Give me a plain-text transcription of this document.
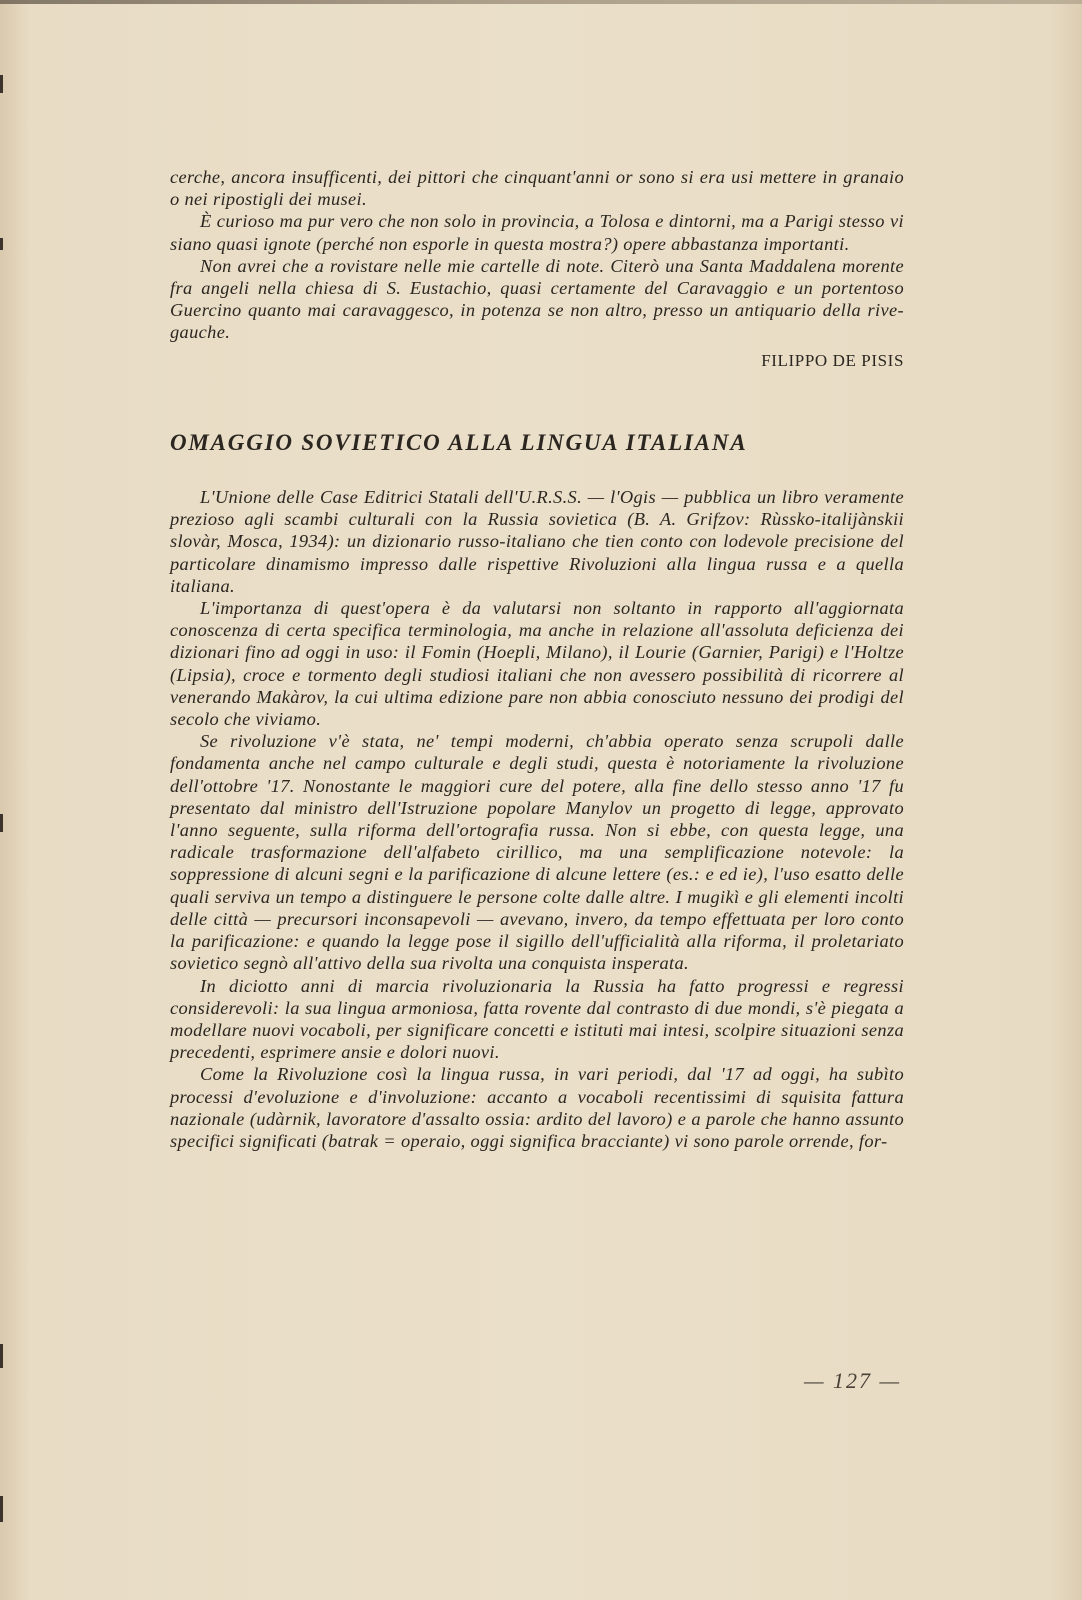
cerche, ancora insufficenti, dei pittori che cinquant'anni or sono si era usi mettere in granaio o nei ripostigli dei musei.

È curioso ma pur vero che non solo in provincia, a Tolosa e dintorni, ma a Parigi stesso vi siano quasi ignote (perché non esporle in questa mostra?) opere abbastanza importanti.

Non avrei che a rovistare nelle mie cartelle di note. Citerò una Santa Maddalena morente fra angeli nella chiesa di S. Eustachio, quasi certamente del Caravaggio e un portentoso Guercino quanto mai caravaggesco, in potenza se non altro, presso un antiquario della rive-gauche.

FILIPPO DE PISIS

OMAGGIO SOVIETICO ALLA LINGUA ITALIANA

L'Unione delle Case Editrici Statali dell'U.R.S.S. — l'Ogis — pubblica un libro veramente prezioso agli scambi culturali con la Russia sovietica (B. A. Grifzov: Rùssko-italijànskii slovàr, Mosca, 1934): un dizionario russo-italiano che tien conto con lodevole precisione del particolare dinamismo impresso dalle rispettive Rivoluzioni alla lingua russa e a quella italiana.

L'importanza di quest'opera è da valutarsi non soltanto in rapporto all'aggiornata conoscenza di certa specifica terminologia, ma anche in relazione all'assoluta deficienza dei dizionari fino ad oggi in uso: il Fomin (Hoepli, Milano), il Lourie (Garnier, Parigi) e l'Holtze (Lipsia), croce e tormento degli studiosi italiani che non avessero possibilità di ricorrere al venerando Makàrov, la cui ultima edizione pare non abbia conosciuto nessuno dei prodigi del secolo che viviamo.

Se rivoluzione v'è stata, ne' tempi moderni, ch'abbia operato senza scrupoli dalle fondamenta anche nel campo culturale e degli studi, questa è notoriamente la rivoluzione dell'ottobre '17. Nonostante le maggiori cure del potere, alla fine dello stesso anno '17 fu presentato dal ministro dell'Istruzione popolare Manylov un progetto di legge, approvato l'anno seguente, sulla riforma dell'ortografia russa. Non si ebbe, con questa legge, una radicale trasformazione dell'alfabeto cirillico, ma una semplificazione notevole: la soppressione di alcuni segni e la parificazione di alcune lettere (es.: e ed ie), l'uso esatto delle quali serviva un tempo a distinguere le persone colte dalle altre. I mugikì e gli elementi incolti delle città — precursori inconsapevoli — avevano, invero, da tempo effettuata per loro conto la parificazione: e quando la legge pose il sigillo dell'ufficialità alla riforma, il proletariato sovietico segnò all'attivo della sua rivolta una conquista insperata.

In diciotto anni di marcia rivoluzionaria la Russia ha fatto progressi e regressi considerevoli: la sua lingua armoniosa, fatta rovente dal contrasto di due mondi, s'è piegata a modellare nuovi vocaboli, per significare concetti e istituti mai intesi, scolpire situazioni senza precedenti, esprimere ansie e dolori nuovi.

Come la Rivoluzione così la lingua russa, in vari periodi, dal '17 ad oggi, ha subìto processi d'evoluzione e d'involuzione: accanto a vocaboli recentissimi di squisita fattura nazionale (udàrnik, lavoratore d'assalto ossia: ardito del lavoro) e a parole che hanno assunto specifici significati (batrak = operaio, oggi significa bracciante) vi sono parole orrende, for-

— 127 —
